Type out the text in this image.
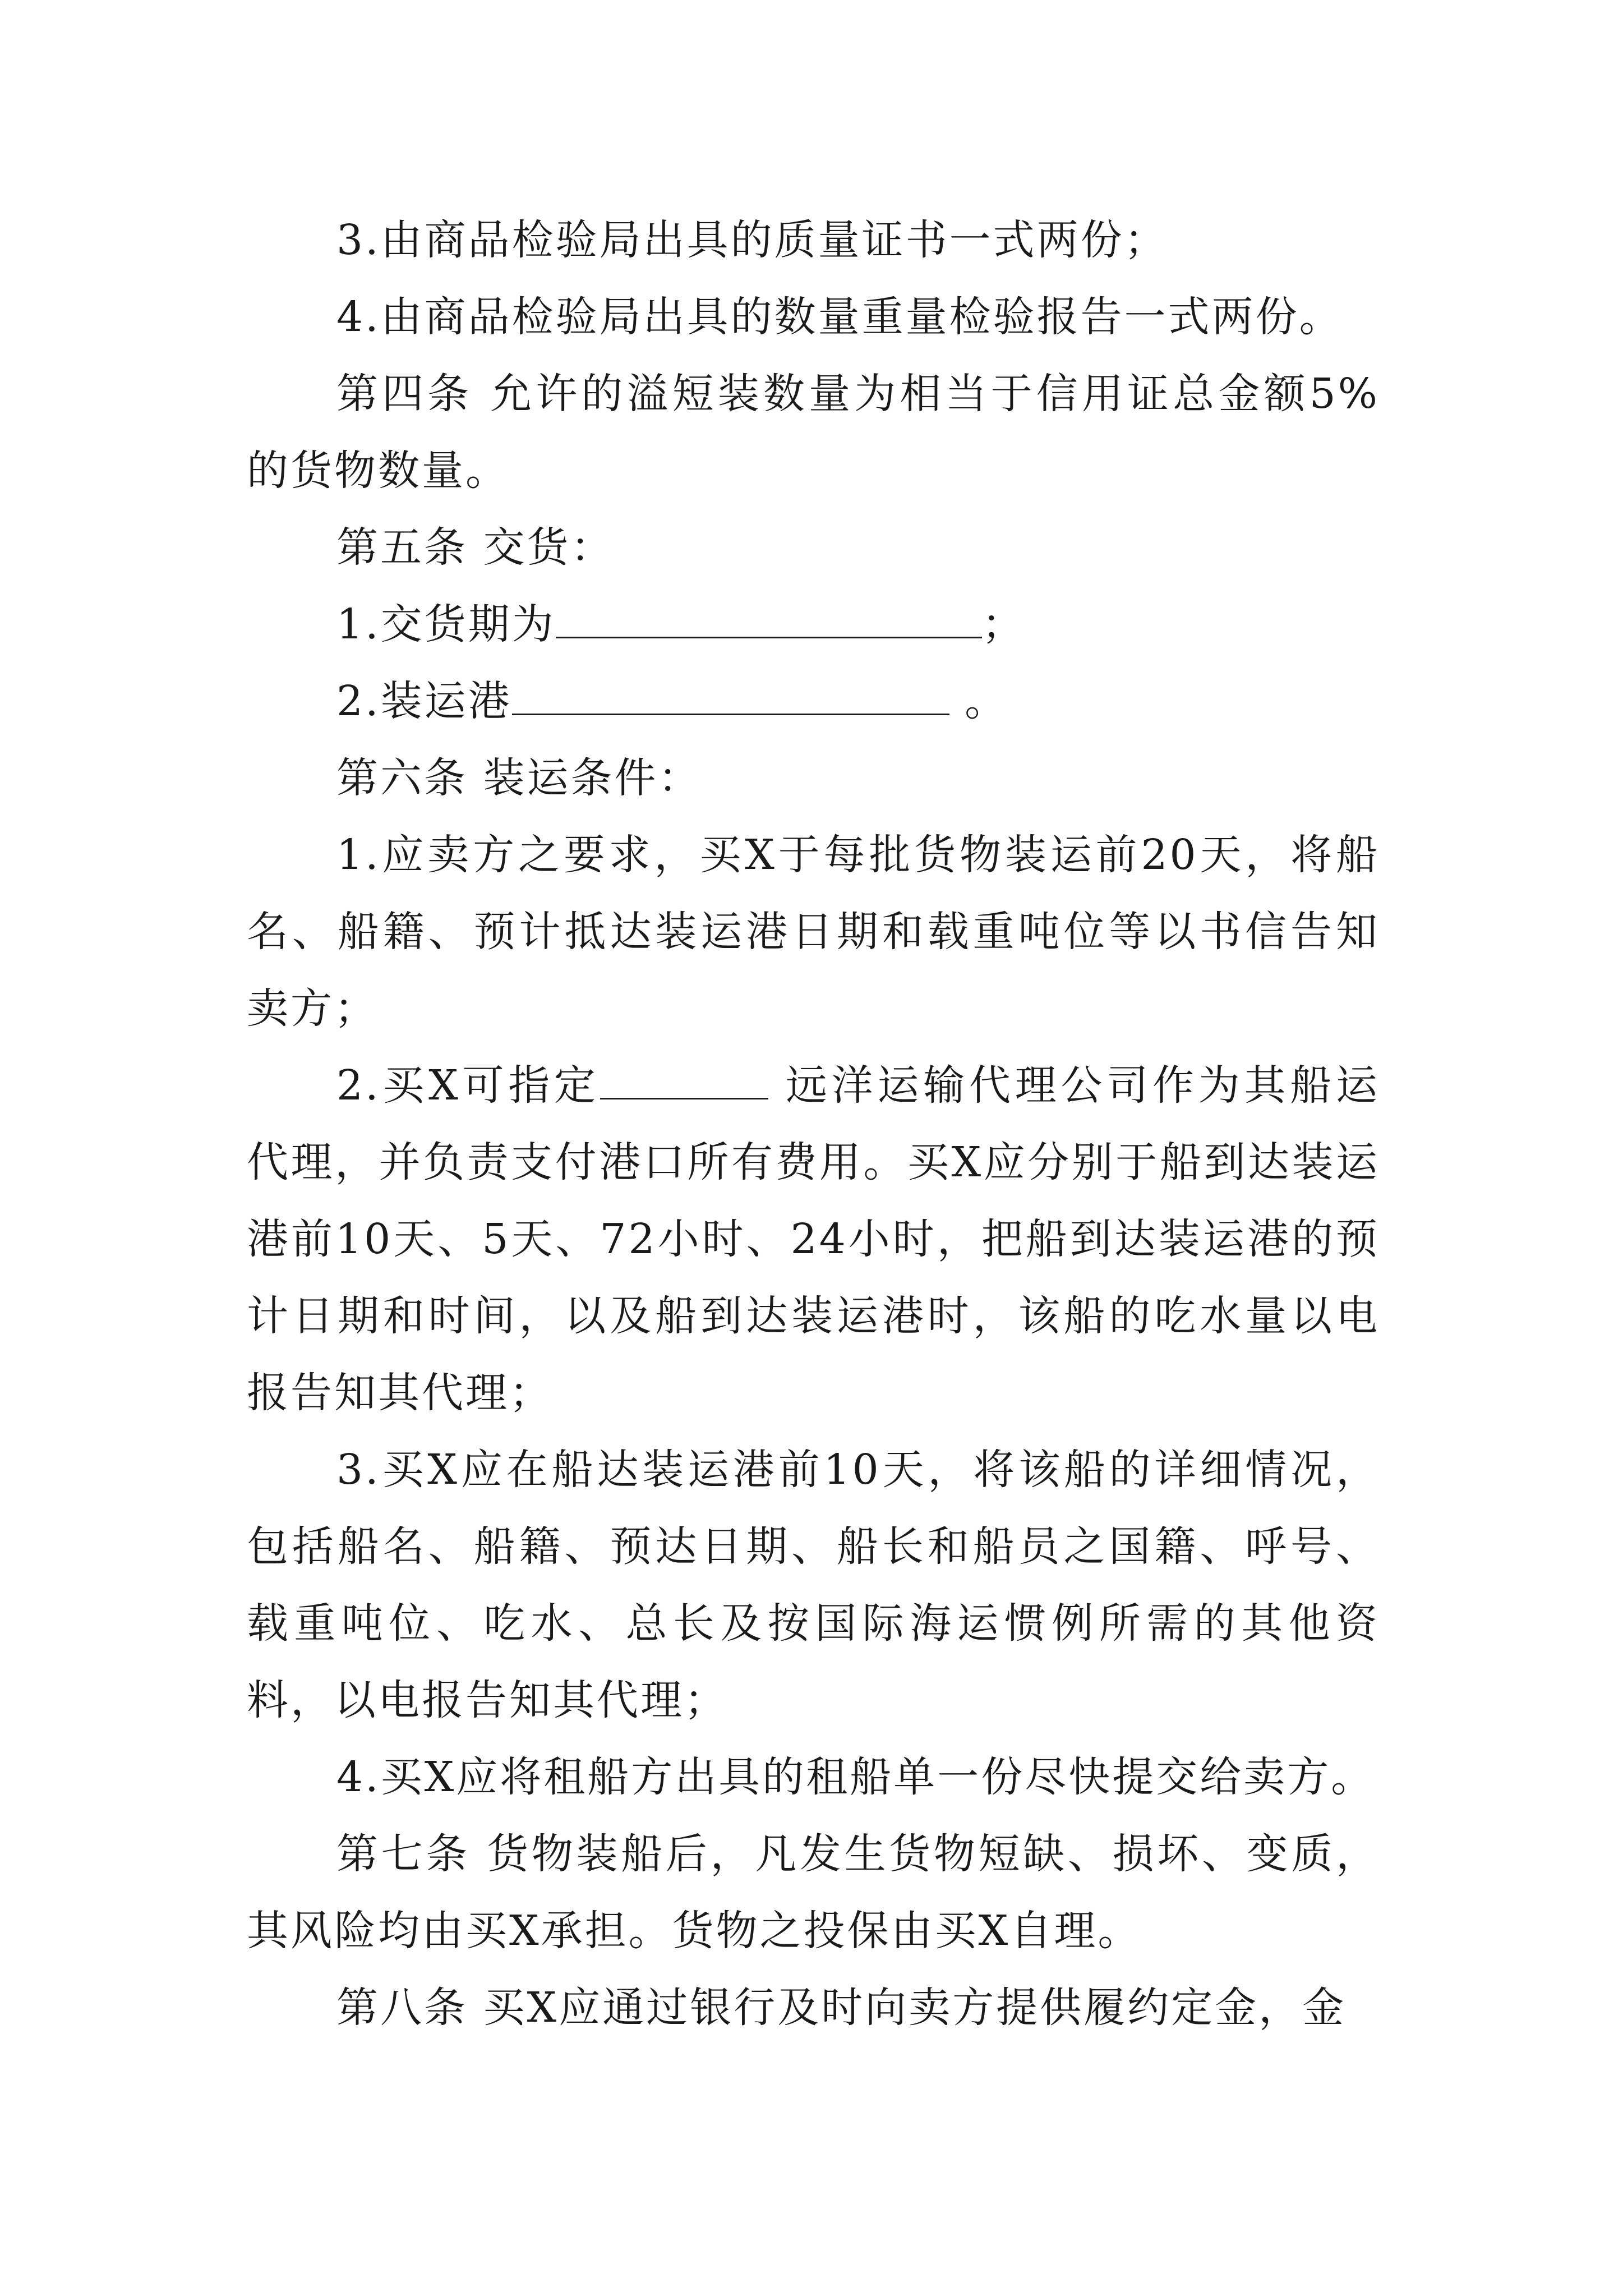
3.由商品检验局出具的质量证书一式两份；

4.由商品检验局出具的数量重量检验报告一式两份。

第四条 允许的溢短装数量为相当于信用证总金额5%的货物数量。

第五条 交货：

1.交货期为	；

2.装运港	。

第六条 装运条件：

1.应卖方之要求，买X于每批货物装运前20天，将船名、船籍、预计抵达装运港日期和载重吨位等以书信告知卖方；

2.买X可指定	远洋运输代理公司作为其船运代理，并负责支付港口所有费用。买X应分别于船到达装运港前10天、5天、72小时、24小时，把船到达装运港的预计日期和时间，以及船到达装运港时，该船的吃水量以电报告知其代理；

3.买X应在船达装运港前10天，将该船的详细情况，包括船名、船籍、预达日期、船长和船员之国籍、呼号、载重吨位、吃水、总长及按国际海运惯例所需的其他资料，以电报告知其代理；

4.买X应将租船方出具的租船单一份尽快提交给卖方。

第七条 货物装船后，凡发生货物短缺、损坏、变质，其风险均由买X承担。货物之投保由买X自理。

第八条 买X应通过银行及时向卖方提供履约定金，金
